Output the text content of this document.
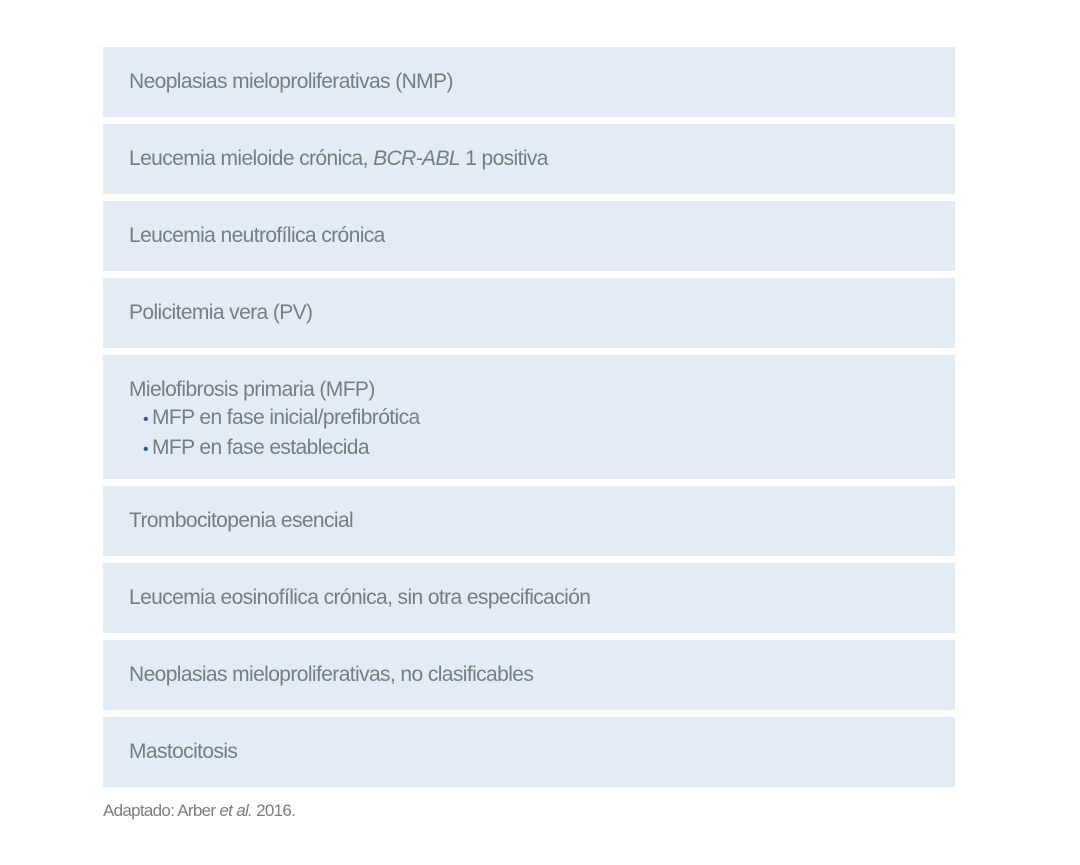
Neoplasias mieloproliferativas (NMP)
Leucemia mieloide crónica, BCR-ABL 1 positiva
Leucemia neutrofílica crónica
Policitemia vera (PV)
Mielofibrosis primaria (MFP)
• MFP en fase inicial/prefibrótica
• MFP en fase establecida
Trombocitopenia esencial
Leucemia eosinofílica crónica, sin otra especificación
Neoplasias mieloproliferativas, no clasificables
Mastocitosis
Adaptado: Arber et al. 2016.
